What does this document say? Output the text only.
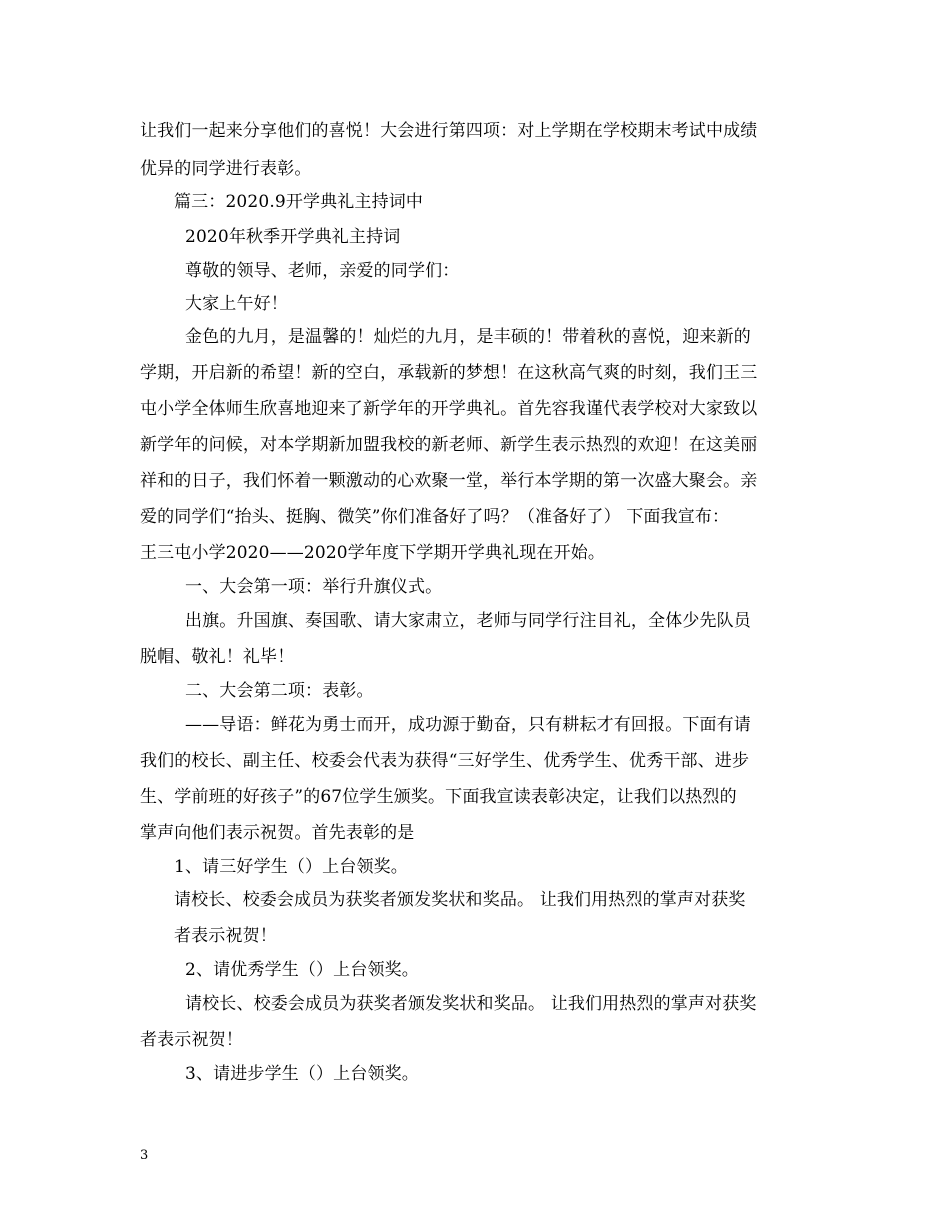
让我们一起来分享他们的喜悦！大会进行第四项：对上学期在学校期末考试中成绩
优异的同学进行表彰。
篇三：2020.9开学典礼主持词中
2020年秋季开学典礼主持词
尊敬的领导、老师，亲爱的同学们：
大家上午好！
金色的九月，是温馨的！灿烂的九月，是丰硕的！带着秋的喜悦，迎来新的
学期，开启新的希望！新的空白，承载新的梦想！在这秋高气爽的时刻，我们王三
屯小学全体师生欣喜地迎来了新学年的开学典礼。首先容我谨代表学校对大家致以
新学年的问候，对本学期新加盟我校的新老师、新学生表示热烈的欢迎！在这美丽
祥和的日子，我们怀着一颗激动的心欢聚一堂，举行本学期的第一次盛大聚会。亲
爱的同学们“抬头、挺胸、微笑”你们准备好了吗？（准备好了） 下面我宣布：
王三屯小学2020——2020学年度下学期开学典礼现在开始。
一、大会第一项：举行升旗仪式。
出旗。升国旗、奏国歌、请大家肃立，老师与同学行注目礼，全体少先队员
脱帽、敬礼！礼毕！
二、大会第二项：表彰。
——导语：鲜花为勇士而开，成功源于勤奋，只有耕耘才有回报。下面有请
我们的校长、副主任、校委会代表为获得“三好学生、优秀学生、优秀干部、进步
生、学前班的好孩子”的67位学生颁奖。下面我宣读表彰决定，让我们以热烈的
掌声向他们表示祝贺。首先表彰的是
1、请三好学生（）上台领奖。
请校长、校委会成员为获奖者颁发奖状和奖品。 让我们用热烈的掌声对获奖
者表示祝贺！
2、请优秀学生（）上台领奖。
请校长、校委会成员为获奖者颁发奖状和奖品。 让我们用热烈的掌声对获奖
者表示祝贺！
3、请进步学生（）上台领奖。
3
